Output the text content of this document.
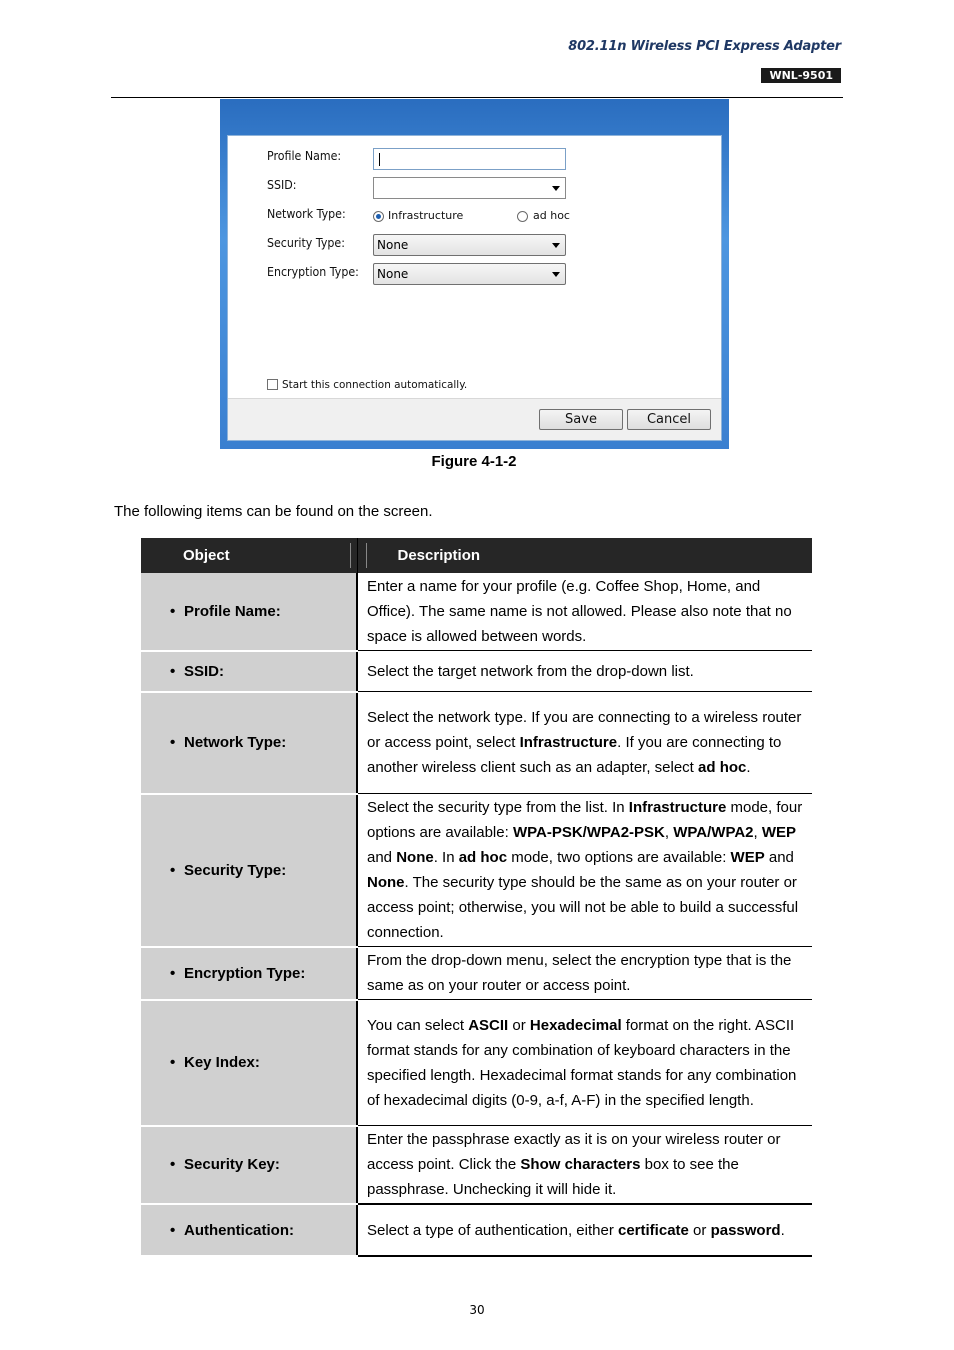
802.11n Wireless PCI Express Adapter
WNL-9501
Profile Name:
SSID:
Network Type:	Infrastructure	ad hoc
Security Type:	None
Encryption Type:	None
Start this connection automatically.
Save	Cancel
Figure 4-1-2
The following items can be found on the screen.
Object	Description
• Profile Name:	Enter a name for your profile (e.g. Coffee Shop, Home, and Office). The same name is not allowed. Please also note that no space is allowed between words.
• SSID:	Select the target network from the drop-down list.
• Network Type:	Select the network type. If you are connecting to a wireless router or access point, select Infrastructure. If you are connecting to another wireless client such as an adapter, select ad hoc.
• Security Type:	Select the security type from the list. In Infrastructure mode, four options are available: WPA-PSK/WPA2-PSK, WPA/WPA2, WEP and None. In ad hoc mode, two options are available: WEP and None. The security type should be the same as on your router or access point; otherwise, you will not be able to build a successful connection.
• Encryption Type:	From the drop-down menu, select the encryption type that is the same as on your router or access point.
• Key Index:	You can select ASCII or Hexadecimal format on the right. ASCII format stands for any combination of keyboard characters in the specified length. Hexadecimal format stands for any combination of hexadecimal digits (0-9, a-f, A-F) in the specified length.
• Security Key:	Enter the passphrase exactly as it is on your wireless router or access point. Click the Show characters box to see the passphrase. Unchecking it will hide it.
• Authentication:	Select a type of authentication, either certificate or password.
30
